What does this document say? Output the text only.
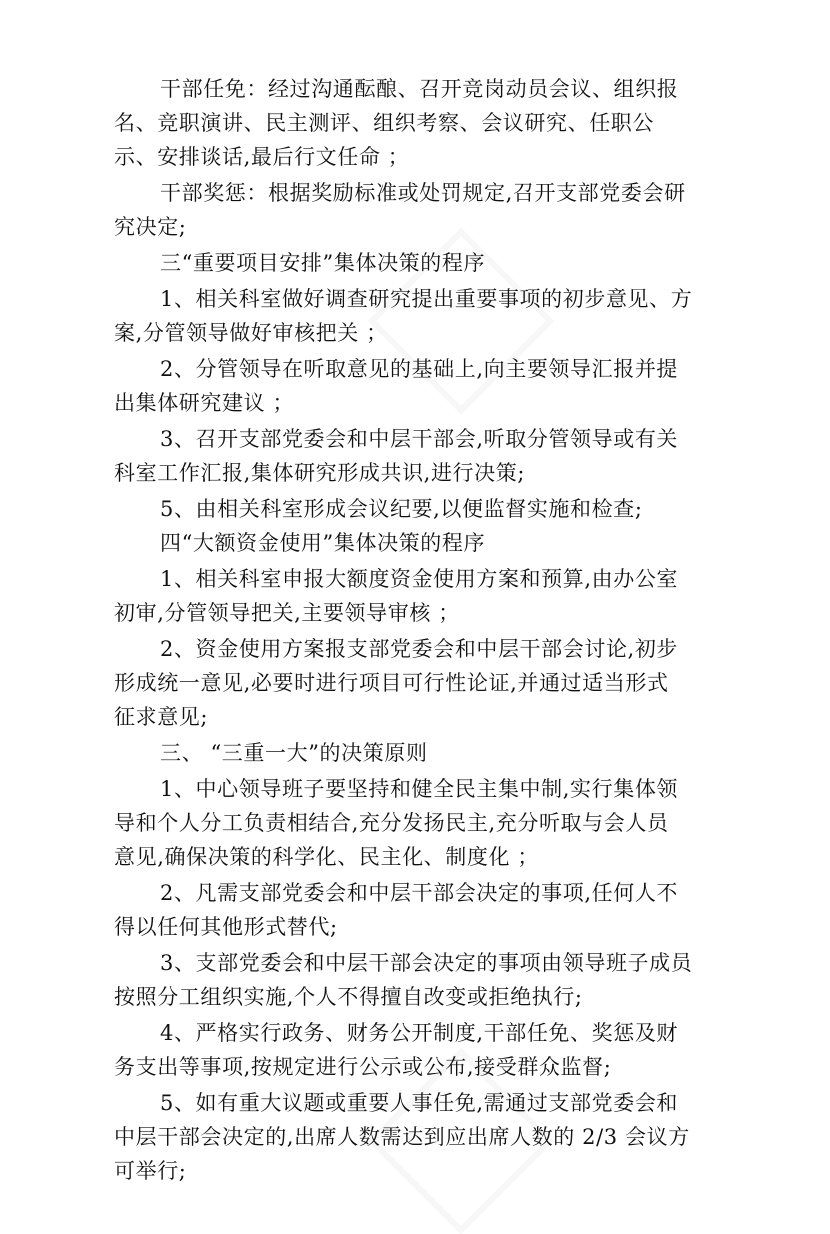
干部任免：经过沟通酝酿、召开竞岗动员会议、组织报
名、竞职演讲、民主测评、组织考察、会议研究、任职公
示、安排谈话,最后行文任命 ；
干部奖惩：根据奖励标准或处罚规定,召开支部党委会研
究决定;
三“重要项目安排”集体决策的程序
1、相关科室做好调查研究提出重要事项的初步意见、方
案,分管领导做好审核把关 ；
2、分管领导在听取意见的基础上,向主要领导汇报并提
出集体研究建议 ；
3、召开支部党委会和中层干部会,听取分管领导或有关
科室工作汇报,集体研究形成共识,进行决策;
5、由相关科室形成会议纪要,以便监督实施和检查;
四“大额资金使用”集体决策的程序
1、相关科室申报大额度资金使用方案和预算,由办公室
初审,分管领导把关,主要领导审核 ；
2、资金使用方案报支部党委会和中层干部会讨论,初步
形成统一意见,必要时进行项目可行性论证,并通过适当形式
征求意见;
三、 “三重一大”的决策原则
1、中心领导班子要坚持和健全民主集中制,实行集体领
导和个人分工负责相结合,充分发扬民主,充分听取与会人员
意见,确保决策的科学化、民主化、制度化 ；
2、凡需支部党委会和中层干部会决定的事项,任何人不
得以任何其他形式替代;
3、支部党委会和中层干部会决定的事项由领导班子成员
按照分工组织实施,个人不得擅自改变或拒绝执行;
4、严格实行政务、财务公开制度,干部任免、奖惩及财
务支出等事项,按规定进行公示或公布,接受群众监督;
5、如有重大议题或重要人事任免,需通过支部党委会和
中层干部会决定的,出席人数需达到应出席人数的 2/3 会议方
可举行;
